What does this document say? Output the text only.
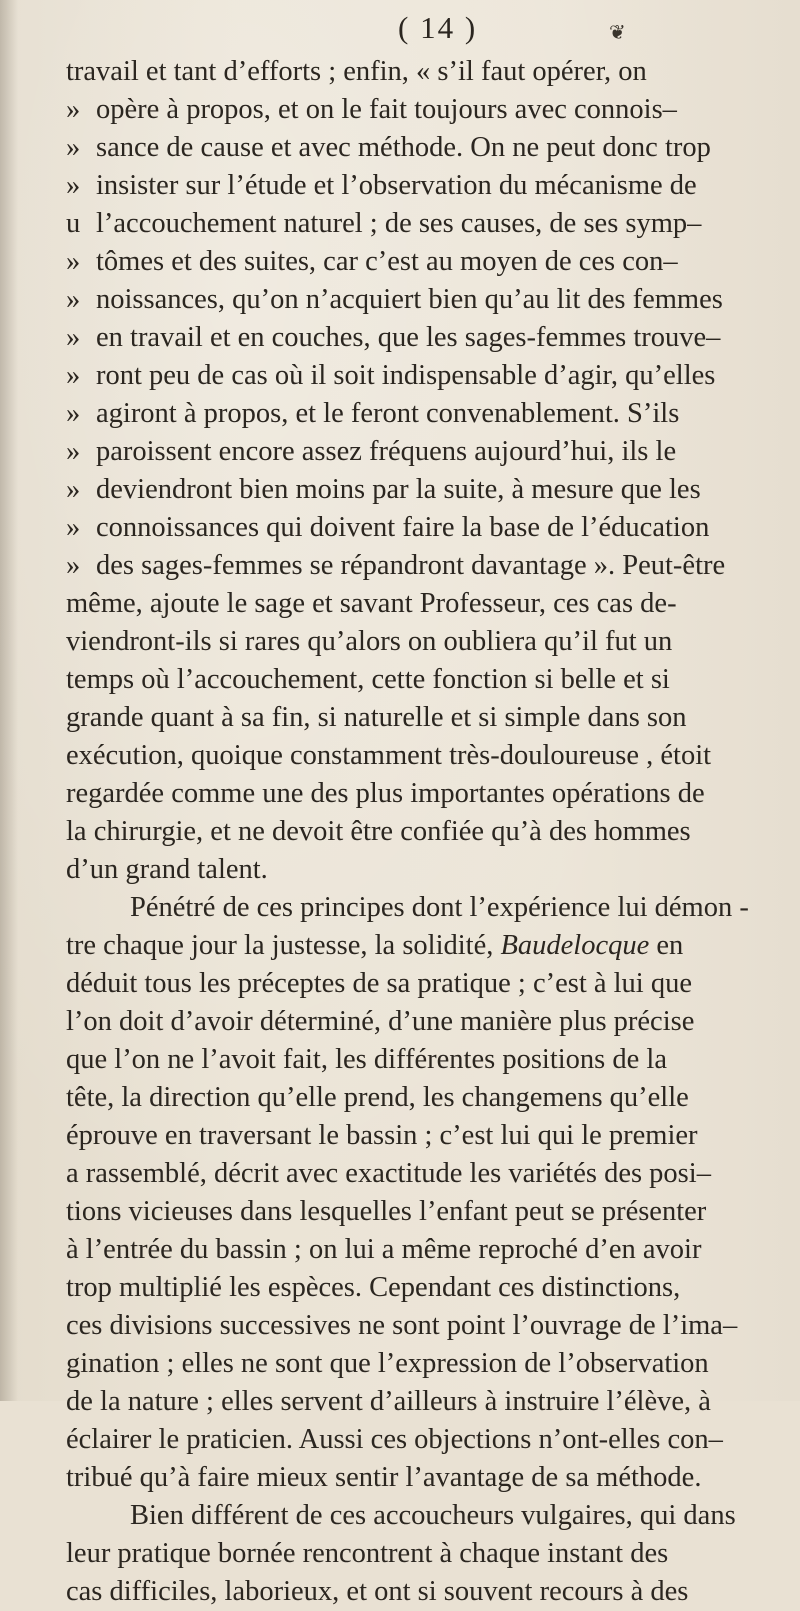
( 14 )	❦
travail et tant d’efforts ; enfin, « s’il faut opérer, on
» opère à propos, et on le fait toujours avec connois–
» sance de cause et avec méthode. On ne peut donc trop
» insister sur l’étude et l’observation du mécanisme de
u l’accouchement naturel ; de ses causes, de ses symp–
» tômes et des suites, car c’est au moyen de ces con–
» noissances, qu’on n’acquiert bien qu’au lit des femmes
» en travail et en couches, que les sages-femmes trouve–
» ront peu de cas où il soit indispensable d’agir, qu’elles
» agiront à propos, et le feront convenablement. S’ils
» paroissent encore assez fréquens aujourd’hui, ils le
» deviendront bien moins par la suite, à mesure que les
» connoissances qui doivent faire la base de l’éducation
» des sages-femmes se répandront davantage ». Peut-être
même, ajoute le sage et savant Professeur, ces cas de-
viendront-ils si rares qu’alors on oubliera qu’il fut un
temps où l’accouchement, cette fonction si belle et si
grande quant à sa fin, si naturelle et si simple dans son
exécution, quoique constamment très-douloureuse , étoit
regardée comme une des plus importantes opérations de
la chirurgie, et ne devoit être confiée qu’à des hommes
d’un grand talent.
Pénétré de ces principes dont l’expérience lui démon -
tre chaque jour la justesse, la solidité, Baudelocque en
déduit tous les préceptes de sa pratique ; c’est à lui que
l’on doit d’avoir déterminé, d’une manière plus précise
que l’on ne l’avoit fait, les différentes positions de la
tête, la direction qu’elle prend, les changemens qu’elle
éprouve en traversant le bassin ; c’est lui qui le premier
a rassemblé, décrit avec exactitude les variétés des posi–
tions vicieuses dans lesquelles l’enfant peut se présenter
à l’entrée du bassin ; on lui a même reproché d’en avoir
trop multiplié les espèces. Cependant ces distinctions,
ces divisions successives ne sont point l’ouvrage de l’ima–
gination ; elles ne sont que l’expression de l’observation
de la nature ; elles servent d’ailleurs à instruire l’élève, à
éclairer le praticien. Aussi ces objections n’ont-elles con–
tribué qu’à faire mieux sentir l’avantage de sa méthode.
Bien différent de ces accoucheurs vulgaires, qui dans
leur pratique bornée rencontrent à chaque instant des
cas difficiles, laborieux, et ont si souvent recours à des
